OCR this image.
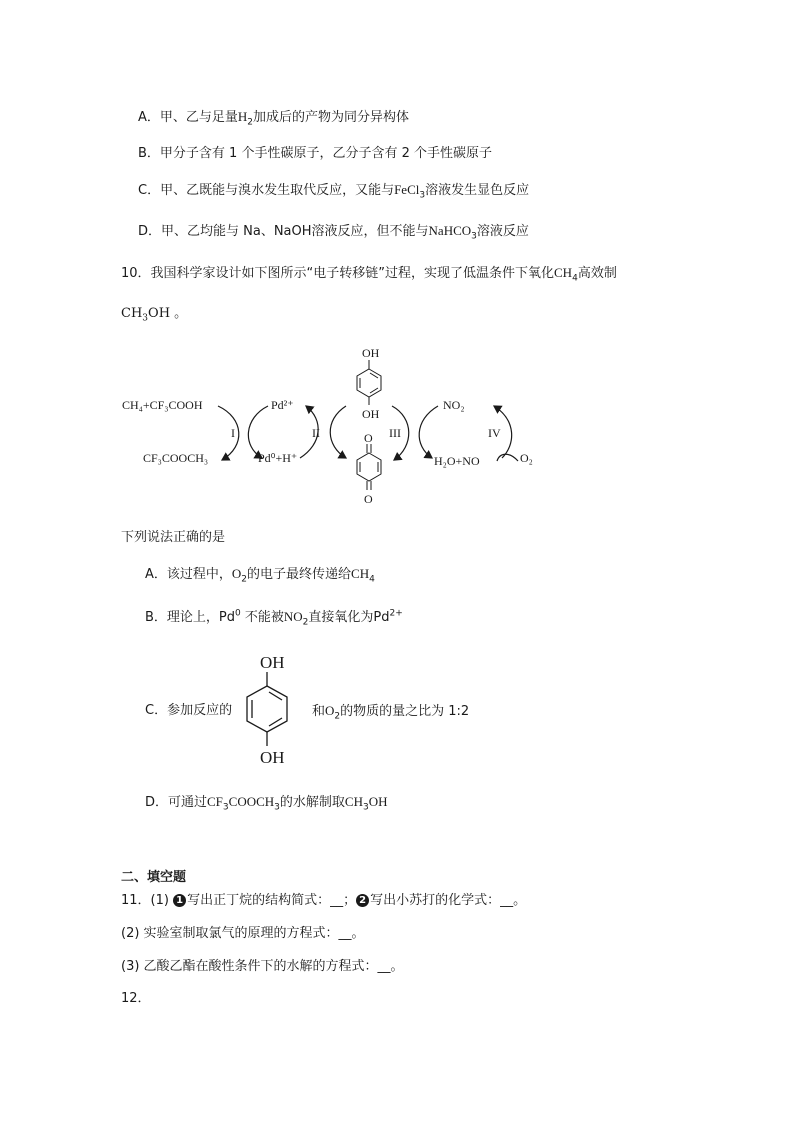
A．甲、乙与足量$H_2$加成后的产物为同分异构体
B．甲分子含有 1 个手性碳原子，乙分子含有 2 个手性碳原子
C．甲、乙既能与溴水发生取代反应，又能与FeCl$_3$溶液发生显色反应
D．甲、乙均能与 Na、NaOH溶液反应，但不能与NaHCO$_3$溶液反应
10．我国科学家设计如下图所示“电子转移链”过程，实现了低温条件下氧化$CH_4$高效制
$CH_3OH$ 。
CH₄+CF₃COOH
CF₃COOCH₃
Pd²⁺
Pd⁰+H⁺
I	II
OH
OH
O
O
III
NO₂
H₂O+NO
IV
O₂
下列说法正确的是
A．该过程中，$O_2$的电子最终传递给$CH_4$
B．理论上，Pd$^0$ 不能被$NO_2$直接氧化为$Pd^{2+}$
C．参加反应的
OH
OH
和$O_2$的物质的量之比为 1:2
D．可通过$CF_3COOCH_3$的水解制取$CH_3OH$
二、填空题
11．(1) 1 写出正丁烷的结构简式：__； 2 写出小苏打的化学式：__。
(2) 实验室制取氯气的原理的方程式：__。
(3) 乙酸乙酯在酸性条件下的水解的方程式：__。
12．
